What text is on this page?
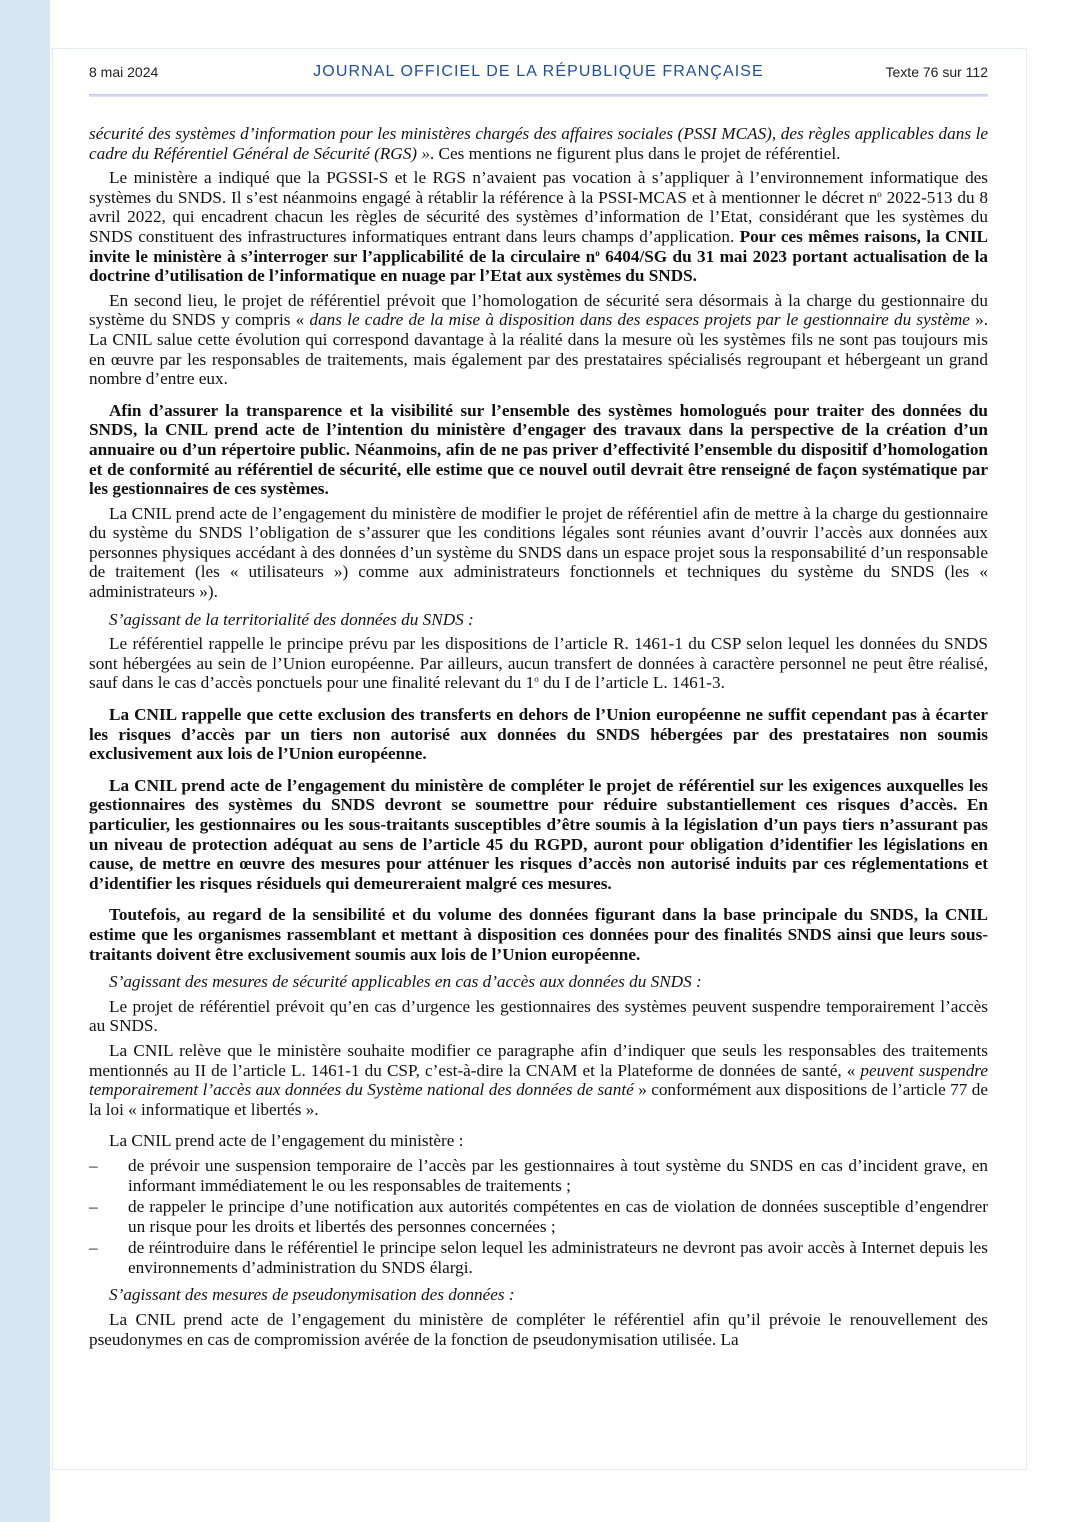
8 mai 2024	JOURNAL OFFICIEL DE LA RÉPUBLIQUE FRANÇAISE	Texte 76 sur 112

sécurité des systèmes d’information pour les ministères chargés des affaires sociales (PSSI MCAS), des règles applicables dans le cadre du Référentiel Général de Sécurité (RGS) ». Ces mentions ne figurent plus dans le projet de référentiel.

Le ministère a indiqué que la PGSSI-S et le RGS n’avaient pas vocation à s’appliquer à l’environnement informatique des systèmes du SNDS. Il s’est néanmoins engagé à rétablir la référence à la PSSI-MCAS et à mentionner le décret $n^o$ 2022-513 du 8 avril 2022, qui encadrent chacun les règles de sécurité des systèmes d’information de l’Etat, considérant que les systèmes du SNDS constituent des infrastructures informatiques entrant dans leurs champs d’application. Pour ces mêmes raisons, la CNIL invite le ministère à s’interroger sur l’applicabilité de la circulaire $n^o$ 6404/SG du 31 mai 2023 portant actualisation de la doctrine d’utilisation de l’informatique en nuage par l’Etat aux systèmes du SNDS.

En second lieu, le projet de référentiel prévoit que l’homologation de sécurité sera désormais à la charge du gestionnaire du système du SNDS y compris « dans le cadre de la mise à disposition dans des espaces projets par le gestionnaire du système ». La CNIL salue cette évolution qui correspond davantage à la réalité dans la mesure où les systèmes fils ne sont pas toujours mis en œuvre par les responsables de traitements, mais également par des prestataires spécialisés regroupant et hébergeant un grand nombre d’entre eux.

Afin d’assurer la transparence et la visibilité sur l’ensemble des systèmes homologués pour traiter des données du SNDS, la CNIL prend acte de l’intention du ministère d’engager des travaux dans la perspective de la création d’un annuaire ou d’un répertoire public. Néanmoins, afin de ne pas priver d’effectivité l’ensemble du dispositif d’homologation et de conformité au référentiel de sécurité, elle estime que ce nouvel outil devrait être renseigné de façon systématique par les gestionnaires de ces systèmes.

La CNIL prend acte de l’engagement du ministère de modifier le projet de référentiel afin de mettre à la charge du gestionnaire du système du SNDS l’obligation de s’assurer que les conditions légales sont réunies avant d’ouvrir l’accès aux données aux personnes physiques accédant à des données d’un système du SNDS dans un espace projet sous la responsabilité d’un responsable de traitement (les « utilisateurs ») comme aux administrateurs fonctionnels et techniques du système du SNDS (les « administrateurs »).

S’agissant de la territorialité des données du SNDS :

Le référentiel rappelle le principe prévu par les dispositions de l’article R. 1461-1 du CSP selon lequel les données du SNDS sont hébergées au sein de l’Union européenne. Par ailleurs, aucun transfert de données à caractère personnel ne peut être réalisé, sauf dans le cas d’accès ponctuels pour une finalité relevant du 1$^o$ du I de l’article L. 1461-3.

La CNIL rappelle que cette exclusion des transferts en dehors de l’Union européenne ne suffit cependant pas à écarter les risques d’accès par un tiers non autorisé aux données du SNDS hébergées par des prestataires non soumis exclusivement aux lois de l’Union européenne.

La CNIL prend acte de l’engagement du ministère de compléter le projet de référentiel sur les exigences auxquelles les gestionnaires des systèmes du SNDS devront se soumettre pour réduire substantiellement ces risques d’accès. En particulier, les gestionnaires ou les sous-traitants susceptibles d’être soumis à la législation d’un pays tiers n’assurant pas un niveau de protection adéquat au sens de l’article 45 du RGPD, auront pour obligation d’identifier les législations en cause, de mettre en œuvre des mesures pour atténuer les risques d’accès non autorisé induits par ces réglementations et d’identifier les risques résiduels qui demeureraient malgré ces mesures.

Toutefois, au regard de la sensibilité et du volume des données figurant dans la base principale du SNDS, la CNIL estime que les organismes rassemblant et mettant à disposition ces données pour des finalités SNDS ainsi que leurs sous-traitants doivent être exclusivement soumis aux lois de l’Union européenne.

S’agissant des mesures de sécurité applicables en cas d’accès aux données du SNDS :

Le projet de référentiel prévoit qu’en cas d’urgence les gestionnaires des systèmes peuvent suspendre temporairement l’accès au SNDS.

La CNIL relève que le ministère souhaite modifier ce paragraphe afin d’indiquer que seuls les responsables des traitements mentionnés au II de l’article L. 1461-1 du CSP, c’est-à-dire la CNAM et la Plateforme de données de santé, « peuvent suspendre temporairement l’accès aux données du Système national des données de santé » conformément aux dispositions de l’article 77 de la loi « informatique et libertés ».

La CNIL prend acte de l’engagement du ministère :

– de prévoir une suspension temporaire de l’accès par les gestionnaires à tout système du SNDS en cas d’incident grave, en informant immédiatement le ou les responsables de traitements ;
– de rappeler le principe d’une notification aux autorités compétentes en cas de violation de données susceptible d’engendrer un risque pour les droits et libertés des personnes concernées ;
– de réintroduire dans le référentiel le principe selon lequel les administrateurs ne devront pas avoir accès à Internet depuis les environnements d’administration du SNDS élargi.

S’agissant des mesures de pseudonymisation des données :

La CNIL prend acte de l’engagement du ministère de compléter le référentiel afin qu’il prévoie le renouvellement des pseudonymes en cas de compromission avérée de la fonction de pseudonymisation utilisée. La
